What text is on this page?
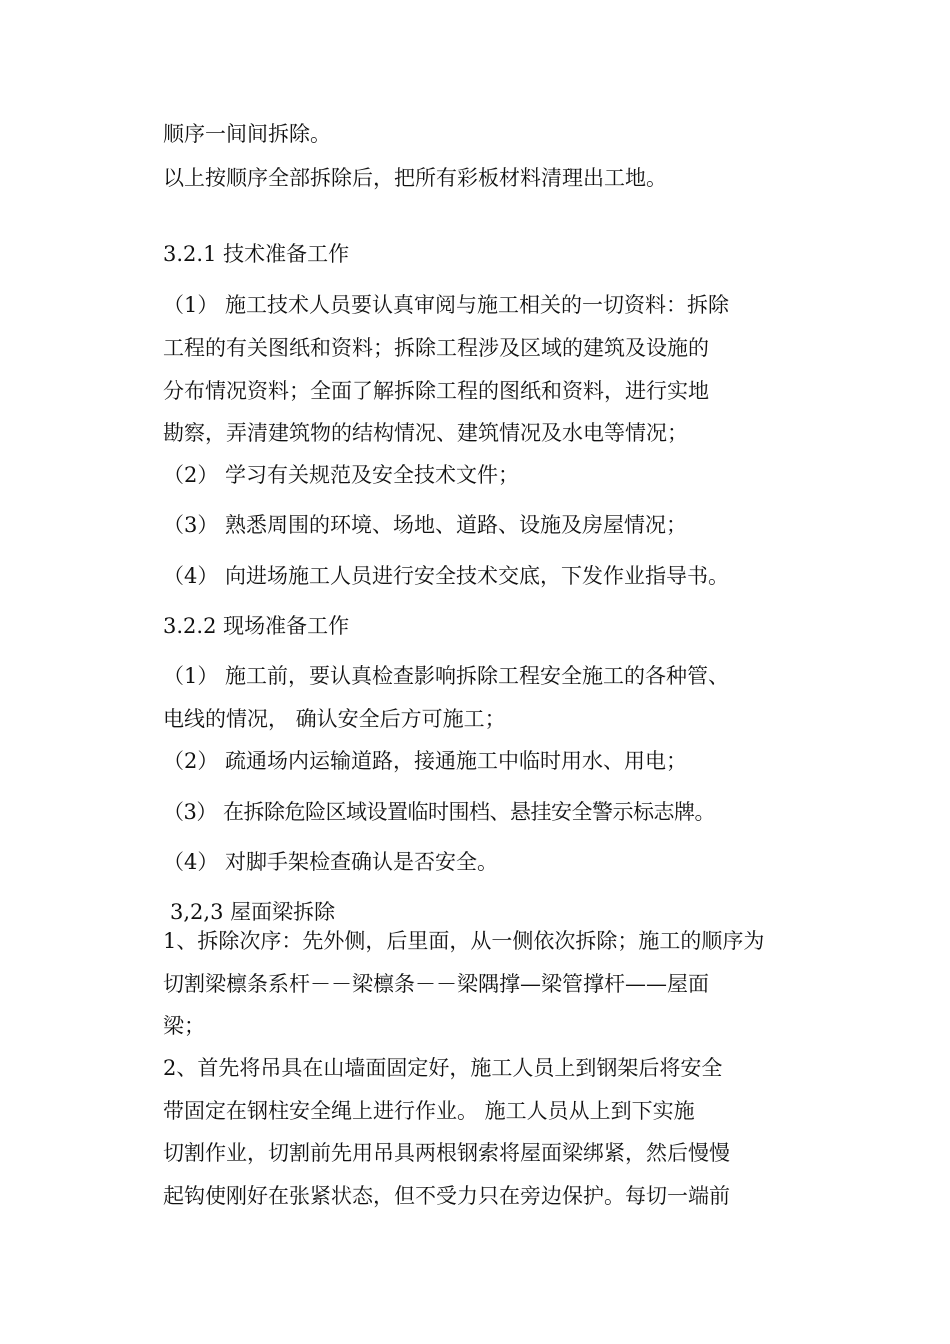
顺序一间间拆除。
以上按顺序全部拆除后，把所有彩板材料清理出工地。
3.2.1 技术准备工作
（1） 施工技术人员要认真审阅与施工相关的一切资料：拆除
工程的有关图纸和资料；拆除工程涉及区域的建筑及设施的
分布情况资料；全面了解拆除工程的图纸和资料，进行实地
勘察，弄清建筑物的结构情况、建筑情况及水电等情况；
（2） 学习有关规范及安全技术文件；
（3） 熟悉周围的环境、场地、道路、设施及房屋情况；
（4） 向进场施工人员进行安全技术交底，下发作业指导书。
3.2.2 现场准备工作
（1） 施工前，要认真检查影响拆除工程安全施工的各种管、
电线的情况， 确认安全后方可施工；
（2） 疏通场内运输道路，接通施工中临时用水、用电；
（3） 在拆除危险区域设置临时围档、悬挂安全警示标志牌。
（4） 对脚手架检查确认是否安全。
3,2,3 屋面梁拆除
1、拆除次序：先外侧，后里面，从一侧依次拆除；施工的顺序为
切割梁檩条系杆－－梁檩条－－梁隅撑—梁管撑杆——屋面
梁；
2、首先将吊具在山墙面固定好，施工人员上到钢架后将安全
带固定在钢柱安全绳上进行作业。 施工人员从上到下实施
切割作业，切割前先用吊具两根钢索将屋面梁绑紧，然后慢慢
起钩使刚好在张紧状态，但不受力只在旁边保护。每切一端前
